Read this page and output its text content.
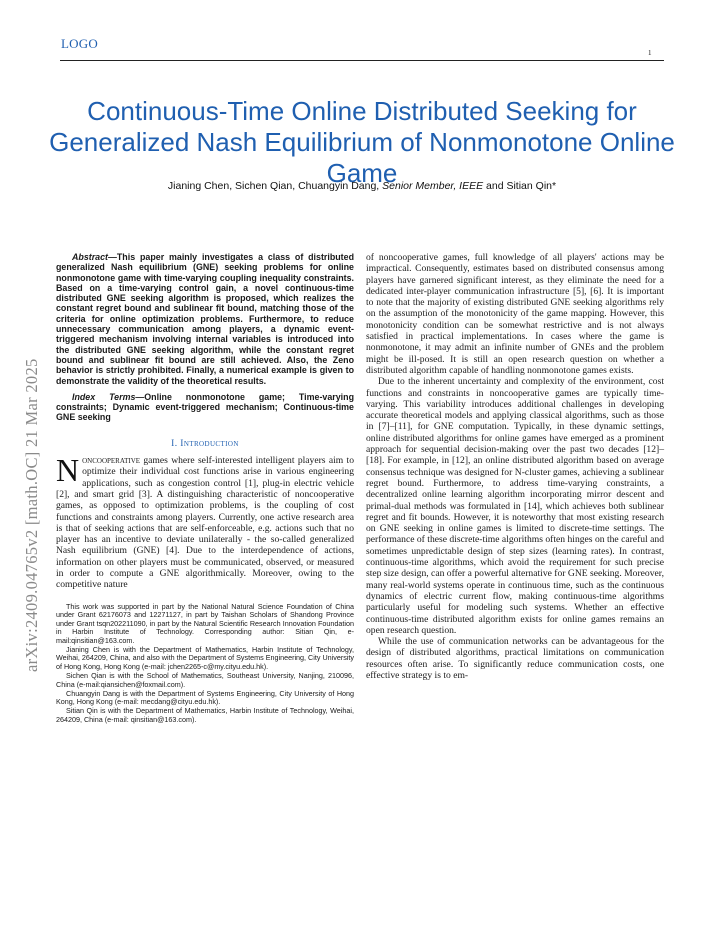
LOGO
1
Continuous-Time Online Distributed Seeking for Generalized Nash Equilibrium of Nonmonotone Online Game
Jianing Chen, Sichen Qian, Chuangyin Dang, Senior Member, IEEE and Sitian Qin*
arXiv:2409.04765v2 [math.OC] 21 Mar 2025

Abstract—This paper mainly investigates a class of distributed generalized Nash equilibrium (GNE) seeking problems for online nonmonotone game with time-varying coupling inequality constraints. Based on a time-varying control gain, a novel continuous-time distributed GNE seeking algorithm is proposed, which realizes the constant regret bound and sublinear fit bound, matching those of the criteria for online optimization problems. Furthermore, to reduce unnecessary communication among players, a dynamic event-triggered mechanism involving internal variables is introduced into the distributed GNE seeking algorithm, while the constant regret bound and sublinear fit bound are still achieved. Also, the Zeno behavior is strictly prohibited. Finally, a numerical example is given to demonstrate the validity of the theoretical results.

Index Terms—Online nonmonotone game; Time-varying constraints; Dynamic event-triggered mechanism; Continuous-time GNE seeking

I. Introduction

Noncooperative games where self-interested intelligent players aim to optimize their individual cost functions arise in various engineering applications, such as congestion control [1], plug-in electric vehicle [2], and smart grid [3]. A distinguishing characteristic of noncooperative games, as opposed to optimization problems, is the coupling of cost functions and constraints among players. Currently, one active research area is that of seeking actions that are self-enforceable, e.g. actions such that no player has an incentive to deviate unilaterally - the so-called generalized Nash equilibrium (GNE) [4]. Due to the interdependence of actions, information on other players must be communicated, observed, or measured in order to compute a GNE algorithmically. Moreover, owing to the competitive nature

This work was supported in part by the National Natural Science Foundation of China under Grant 62176073 and 12271127, in part by Taishan Scholars of Shandong Province under Grant tsqn202211090, in part by the Natural Scientific Research Innovation Foundation in Harbin Institute of Technology. Corresponding author: Sitian Qin, e-mail:qinsitian@163.com.

Jianing Chen is with the Department of Mathematics, Harbin Institute of Technology, Weihai, 264209, China, and also with the Department of Systems Engineering, City University of Hong Kong, Hong Kong (e-mail: jchen2265-c@my.cityu.edu.hk).

Sichen Qian is with the School of Mathematics, Southeast University, Nanjing, 210096, China (e-mail:qiansichen@foxmail.com).

Chuangyin Dang is with the Department of Systems Engineering, City University of Hong Kong, Hong Kong (e-mail: mecdang@cityu.edu.hk).

Sitian Qin is with the Department of Mathematics, Harbin Institute of Technology, Weihai, 264209, China (e-mail: qinsitian@163.com).

of noncooperative games, full knowledge of all players' actions may be impractical. Consequently, estimates based on distributed consensus among players have garnered significant interest, as they eliminate the need for a dedicated inter-player communication infrastructure [5], [6]. It is important to note that the majority of existing distributed GNE seeking algorithms rely on the assumption of the monotonicity of the game mapping. However, this monotonicity condition can be somewhat restrictive and is not always satisfied in practical implementations. In cases where the game is nonmonotone, it may admit an infinite number of GNEs and the problem might be ill-posed. It is still an open research question on whether a distributed algorithm capable of handling nonmonotone games exists.

Due to the inherent uncertainty and complexity of the environment, cost functions and constraints in noncooperative games are typically time-varying. This variability introduces additional challenges in developing accurate theoretical models and applying classical algorithms, such as those in [7]–[11], for GNE computation. Typically, in these dynamic settings, online distributed algorithms for online games have emerged as a prominent approach for sequential decision-making over the past two decades [12]–[18]. For example, in [12], an online distributed algorithm based on average consensus technique was designed for N-cluster games, achieving a sublinear regret bound. Furthermore, to address time-varying constraints, a decentralized online learning algorithm incorporating mirror descent and primal-dual methods was formulated in [14], which achieves both sublinear regret and fit bounds. However, it is noteworthy that most existing research on GNE seeking in online games is limited to discrete-time settings. The performance of these discrete-time algorithms often hinges on the careful and sometimes unpredictable design of step sizes (learning rates). In contrast, continuous-time algorithms, which avoid the requirement for such precise step size design, can offer a powerful alternative for GNE seeking. Moreover, many real-world systems operate in continuous time, such as the continuous dynamics of electric current flow, making continuous-time algorithms particularly useful for modeling such systems. Whether an effective continuous-time distributed algorithm exists for online games remains an open research question.

While the use of communication networks can be advantageous for the design of distributed algorithms, practical limitations on communication resources often arise. To significantly reduce communication costs, one effective strategy is to em-
